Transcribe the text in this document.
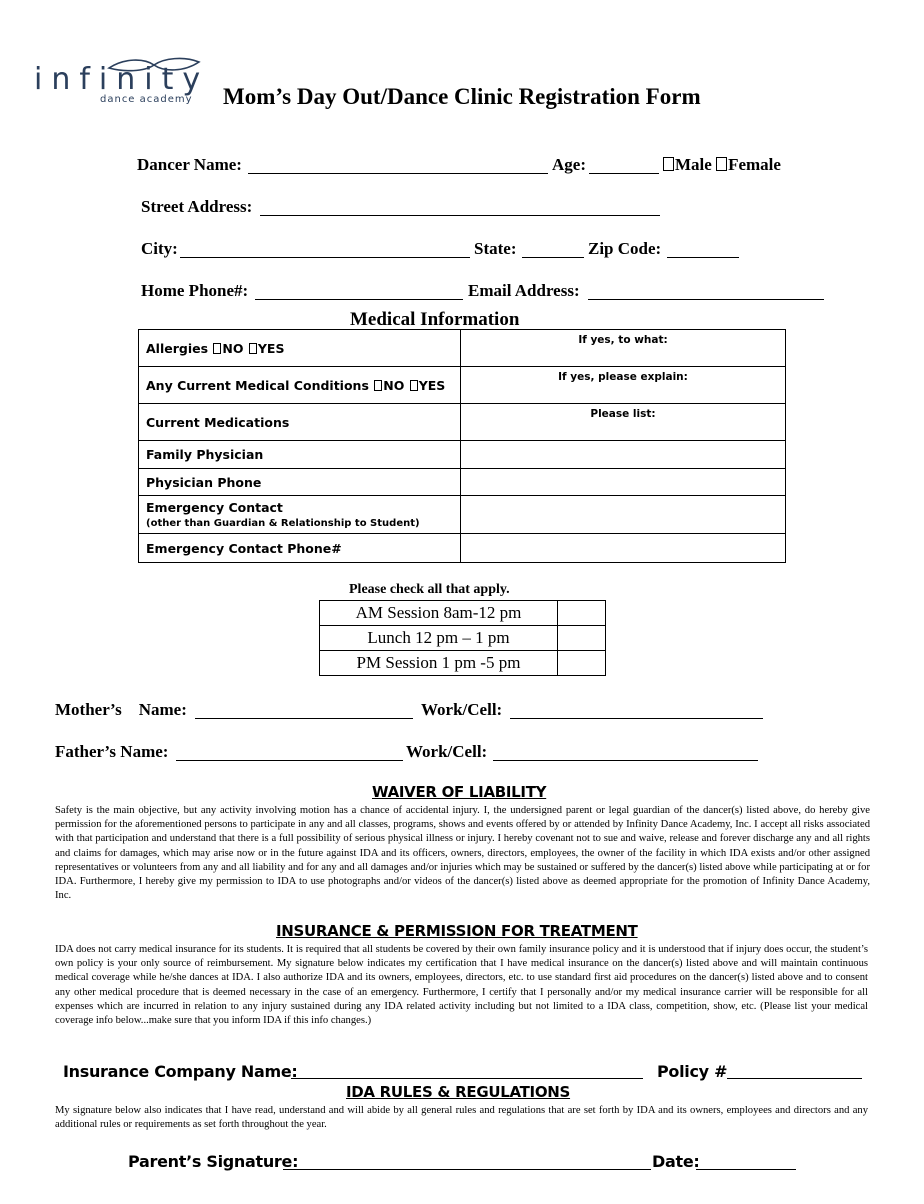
infinity
dance academy Mom’s Day Out/Dance Clinic Registration Form
Dancer Name:	Age:	Male Female
Street Address:
City:	State:	Zip Code:
Home Phone#:	Email Address:
Medical Information
Allergies NO YES	If yes, to what:
Any Current Medical Conditions NO YES	If yes, please explain:
Current Medications	Please list:
Family Physician	
Physician Phone	

Emergency Contact
(other than Guardian & Relationship to Student)	

Emergency Contact Phone#	
Please check all that apply.
AM Session 8am-12 pm	
Lunch 12 pm – 1 pm	
PM Session 1 pm -5 pm	
Mother’s    Name:	Work/Cell:
Father’s Name:	Work/Cell:
WAIVER OF LIABILITY
Safety is the main objective, but any activity involving motion has a chance of accidental injury. I, the undersigned parent or legal guardian of the dancer(s) listed above, do hereby give permission for the aforementioned persons to participate in any and all classes, programs, shows and events offered by or attended by Infinity Dance Academy, Inc. I accept all risks associated with that participation and understand that there is a full possibility of serious physical illness or injury. I hereby covenant not to sue and waive, release and forever discharge any and all rights and claims for damages, which may arise now or in the future against IDA and its officers, owners, directors, employees, the owner of the facility in which IDA exists and/or other assigned representatives or volunteers from any and all liability and for any and all damages and/or injuries which may be sustained or suffered by the dancer(s) listed above while participating at or for IDA. Furthermore, I hereby give my permission to IDA to use photographs and/or videos of the dancer(s) listed above as deemed appropriate for the promotion of Infinity Dance Academy, Inc.
INSURANCE & PERMISSION FOR TREATMENT
IDA does not carry medical insurance for its students. It is required that all students be covered by their own family insurance policy and it is understood that if injury does occur, the student’s own policy is your only source of reimbursement. My signature below indicates my certification that I have medical insurance on the dancer(s) listed above and will maintain continuous medical coverage while he/she dances at IDA. I also authorize IDA and its owners, employees, directors, etc. to use standard first aid procedures on the dancer(s) listed above and to consent any other medical procedure that is deemed necessary in the case of an emergency. Furthermore, I certify that I personally and/or my medical insurance carrier will be responsible for all expenses which are incurred in relation to any injury sustained during any IDA related activity including but not limited to a IDA class, competition, show, etc. (Please list your medical coverage info below...make sure that you inform IDA if this info changes.)
Insurance Company Name:	Policy #
IDA RULES & REGULATIONS
My signature below also indicates that I have read, understand and will abide by all general rules and regulations that are set forth by IDA and its owners, employees and directors and any additional rules or requirements as set forth throughout the year.
Parent’s Signature:	Date:
